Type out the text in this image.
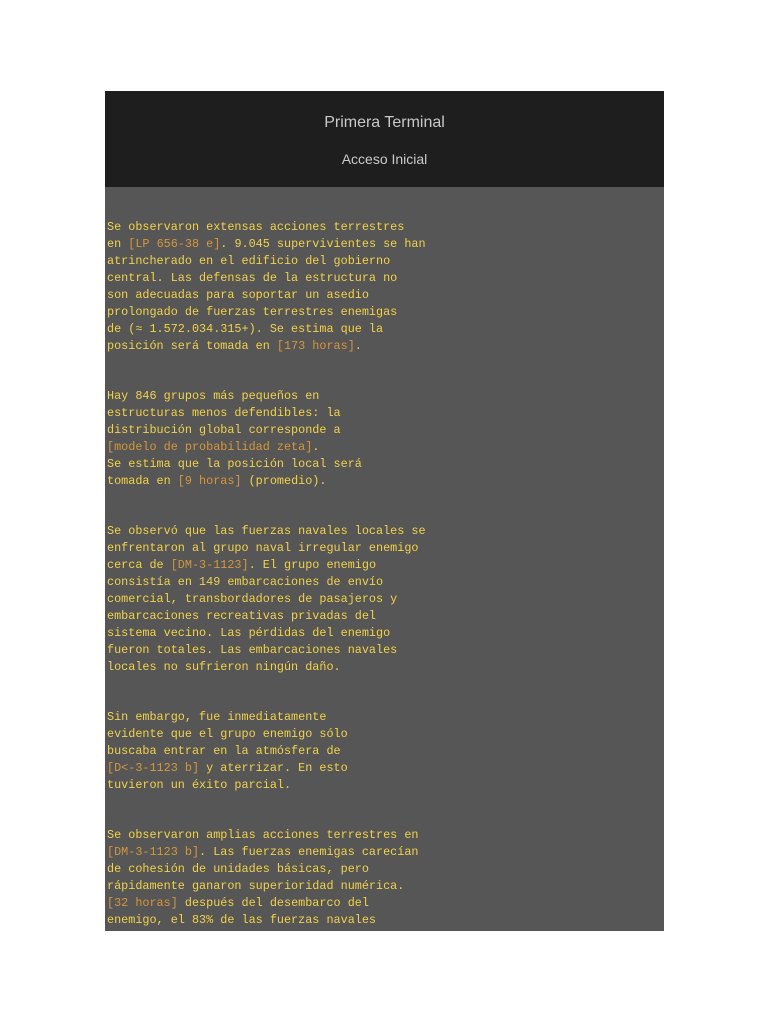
Primera Terminal
Acceso Inicial
Se observaron extensas acciones terrestres
en [LP 656-38 e]. 9.045 supervivientes se han
atrincherado en el edificio del gobierno
central. Las defensas de la estructura no
son adecuadas para soportar un asedio
prolongado de fuerzas terrestres enemigas
de (≈ 1.572.034.315+). Se estima que la
posición será tomada en [173 horas].
Hay 846 grupos más pequeños en
estructuras menos defendibles: la
distribución global corresponde a
[modelo de probabilidad zeta].
Se estima que la posición local será
tomada en [9 horas] (promedio).
Se observó que las fuerzas navales locales se
enfrentaron al grupo naval irregular enemigo
cerca de [DM-3-1123]. El grupo enemigo
consistía en 149 embarcaciones de envío
comercial, transbordadores de pasajeros y
embarcaciones recreativas privadas del
sistema vecino. Las pérdidas del enemigo
fueron totales. Las embarcaciones navales
locales no sufrieron ningún daño.
Sin embargo, fue inmediatamente
evidente que el grupo enemigo sólo
buscaba entrar en la atmósfera de
[D<-3-1123 b] y aterrizar. En esto
tuvieron un éxito parcial.
Se observaron amplias acciones terrestres en
[DM-3-1123 b]. Las fuerzas enemigas carecían
de cohesión de unidades básicas, pero
rápidamente ganaron superioridad numérica.
[32 horas] después del desembarco del
enemigo, el 83% de las fuerzas navales
